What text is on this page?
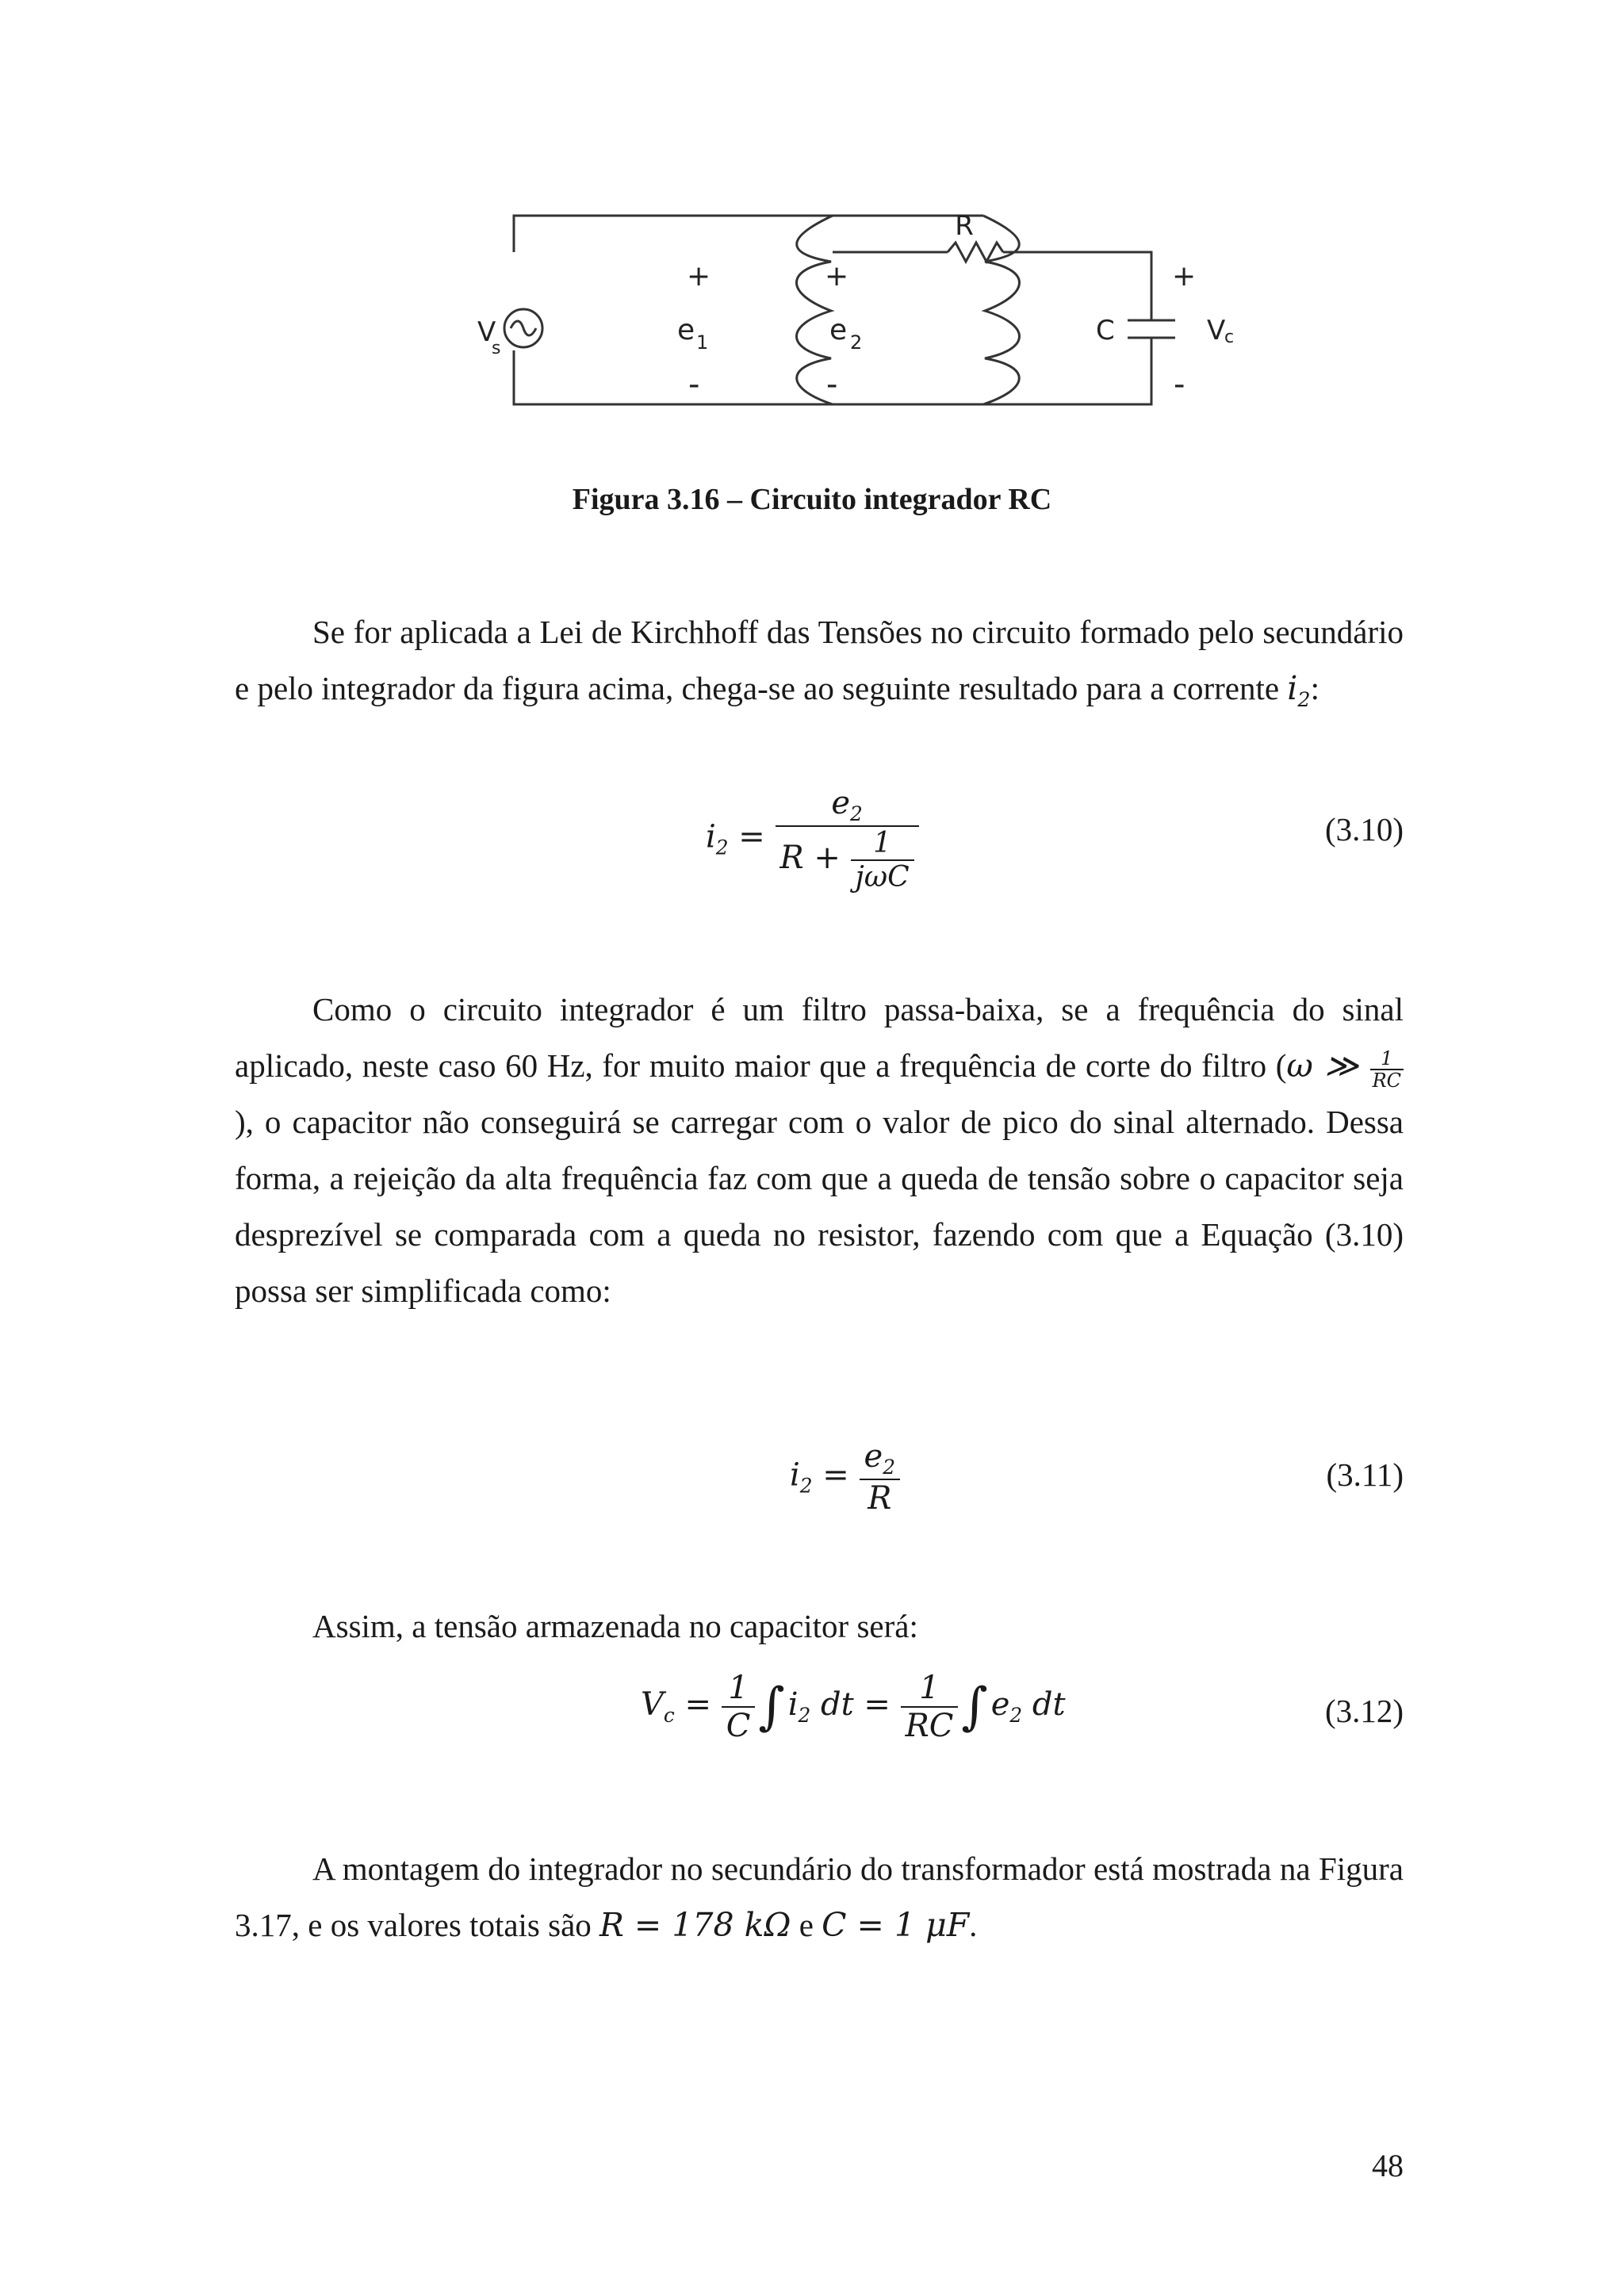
R
V
s
e 1
+
-
e 2
+
-
C
+
-
V
c
Figura 3.16 – Circuito integrador RC

Se for aplicada a Lei de Kirchhoff das Tensões no circuito formado pelo secundário e pelo integrador da figura acima, chega-se ao seguinte resultado para a corrente $i_2$:

$i_2 = \frac{e_2}{R + \frac{1}{\text{jωC}}}$	(3.10)

Como o circuito integrador é um filtro passa-baixa, se a frequência do sinal aplicado, neste caso 60 Hz, for muito maior que a frequência de corte do filtro (ω ≫ $\frac{1}{RC}$
), o capacitor não conseguirá se carregar com o valor de pico do sinal alternado. Dessa forma, a rejeição da alta frequência faz com que a queda de tensão sobre o capacitor seja desprezível se comparada com a queda no resistor, fazendo com que a Equação (3.10) possa ser simplificada como:

$i_2 = \frac{e_2}{R}$	(3.11)

Assim, a tensão armazenada no capacitor será:

$V_c = \frac{1}{C}$ ∫ $i_2$ dt = $\frac{1}{RC}$ ∫ $e_2$ dt	(3.12)

A montagem do integrador no secundário do transformador está mostrada na Figura 3.17, e os valores totais são R = 178 kΩ e C = 1 μF.

48
